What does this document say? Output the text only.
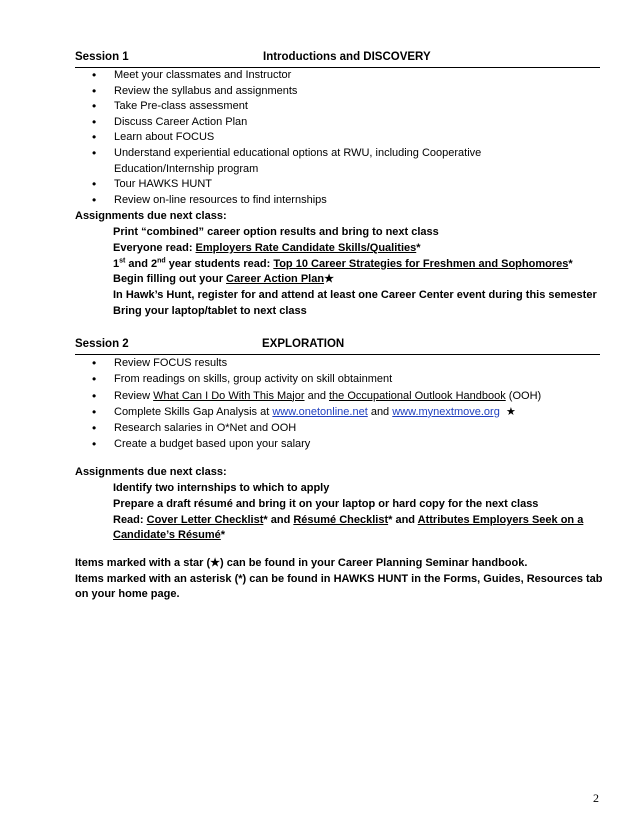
Session 1	Introductions and DISCOVERY
• Meet your classmates and Instructor
• Review the syllabus and assignments
• Take Pre-class assessment
• Discuss Career Action Plan
• Learn about FOCUS
• Understand experiential educational options at RWU, including Cooperative
Education/Internship program
• Tour HAWKS HUNT
• Review on-line resources to find internships
Assignments due next class:
Print “combined” career option results and bring to next class
Everyone read: Employers Rate Candidate Skills/Qualities*
1st and 2nd year students read: Top 10 Career Strategies for Freshmen and Sophomores*
Begin filling out your Career Action Plan★
In Hawk’s Hunt, register for and attend at least one Career Center event during this semester
Bring your laptop/tablet to next class
Session 2	EXPLORATION
• Review FOCUS results
• From readings on skills, group activity on skill obtainment
• Review What Can I Do With This Major and the Occupational Outlook Handbook (OOH)
• Complete Skills Gap Analysis at www.onetonline.net and www.mynextmove.org ★
• Research salaries in O*Net and OOH
• Create a budget based upon your salary
Assignments due next class:
Identify two internships to which to apply
Prepare a draft résumé and bring it on your laptop or hard copy for the next class
Read: Cover Letter Checklist* and Résumé Checklist* and Attributes Employers Seek on a
Candidate’s Résumé*
Items marked with a star (★) can be found in your Career Planning Seminar handbook.
Items marked with an asterisk (*) can be found in HAWKS HUNT in the Forms, Guides, Resources tab
on your home page.
2
